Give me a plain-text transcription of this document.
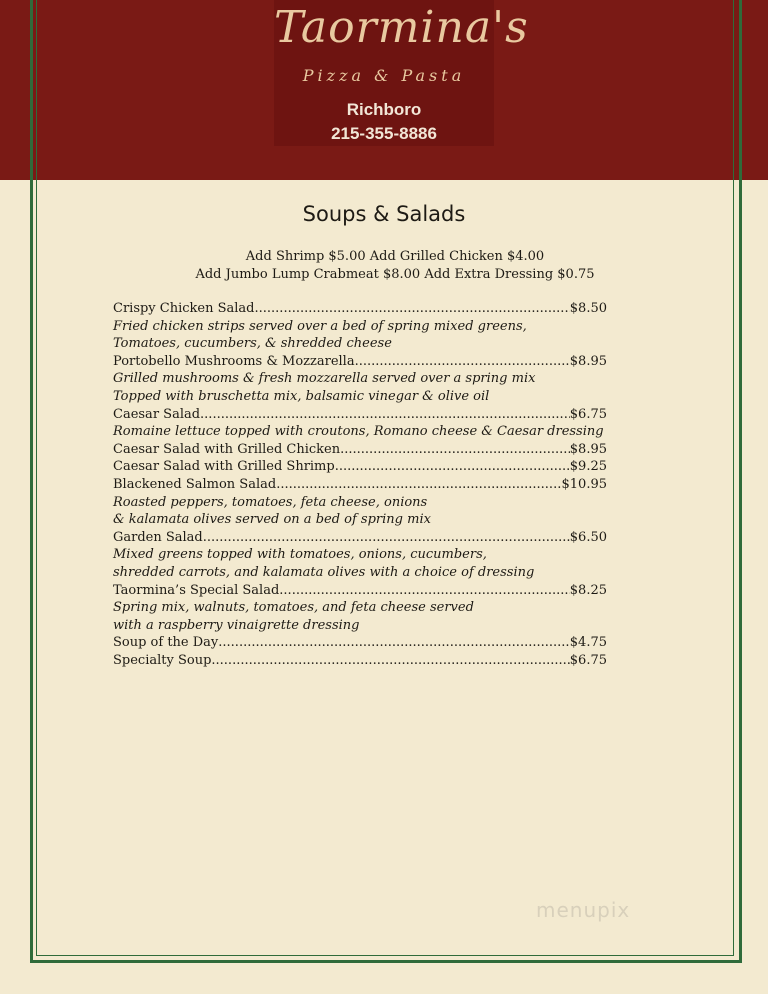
Taormina's
Pizza & Pasta
Richboro
215-355-8886
Soups & Salads
Add Shrimp $5.00 Add Grilled Chicken $4.00
Add Jumbo Lump Crabmeat $8.00 Add Extra Dressing $0.75
Crispy Chicken Salad .....	$8.50
Fried chicken strips served over a bed of spring mixed greens,
Tomatoes, cucumbers, & shredded cheese
Portobello Mushrooms & Mozzarella .....	$8.95
Grilled mushrooms & fresh mozzarella served over a spring mix
Topped with bruschetta mix, balsamic vinegar & olive oil
Caesar Salad .....	$6.75
Romaine lettuce topped with croutons, Romano cheese & Caesar dressing
Caesar Salad with Grilled Chicken .....	$8.95
Caesar Salad with Grilled Shrimp .....	$9.25
Blackened Salmon Salad .....	$10.95
Roasted peppers, tomatoes, feta cheese, onions
& kalamata olives served on a bed of spring mix
Garden Salad .....	$6.50
Mixed greens topped with tomatoes, onions, cucumbers,
shredded carrots, and kalamata olives with a choice of dressing
Taormina’s Special Salad .....	$8.25
Spring mix, walnuts, tomatoes, and feta cheese served
with a raspberry vinaigrette dressing
Soup of the Day .....	$4.75
Specialty Soup .....	$6.75
menupix
